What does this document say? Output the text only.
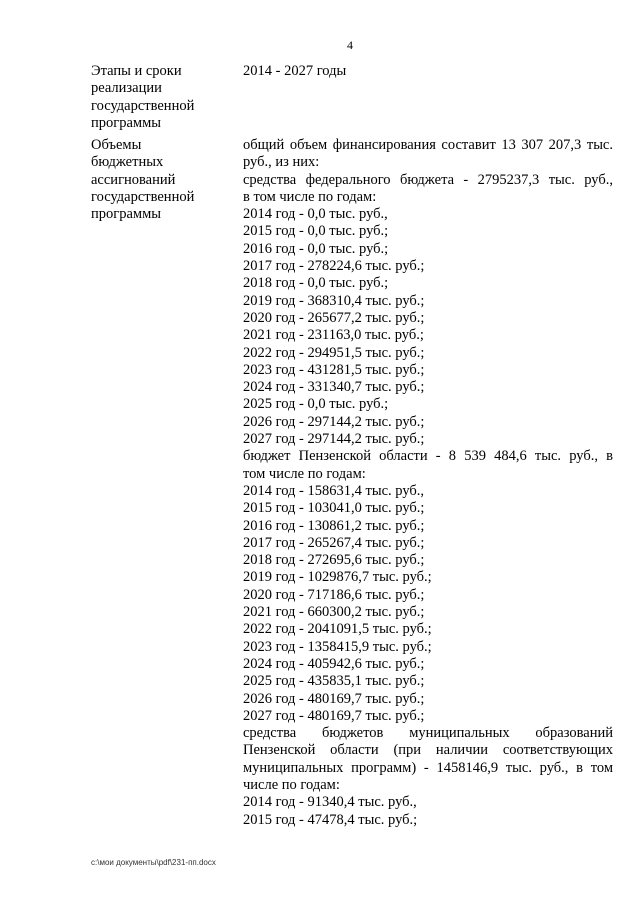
4
Этапы и сроки
реализации
государственной
программы
2014 - 2027 годы
Объемы
бюджетных
ассигнований
государственной
программы
общий объем финансирования составит 13 307 207,3 тыс.
руб., из них:
средства федерального бюджета - 2795237,3 тыс. руб.,
в том числе по годам:
2014 год - 0,0 тыс. руб.,
2015 год - 0,0 тыс. руб.;
2016 год - 0,0 тыс. руб.;
2017 год - 278224,6 тыс. руб.;
2018 год - 0,0 тыс. руб.;
2019 год - 368310,4 тыс. руб.;
2020 год - 265677,2 тыс. руб.;
2021 год - 231163,0 тыс. руб.;
2022 год - 294951,5 тыс. руб.;
2023 год - 431281,5 тыс. руб.;
2024 год - 331340,7 тыс. руб.;
2025 год - 0,0 тыс. руб.;
2026 год - 297144,2 тыс. руб.;
2027 год - 297144,2 тыс. руб.;
бюджет Пензенской области - 8 539 484,6 тыс. руб., в
том числе по годам:
2014 год - 158631,4 тыс. руб.,
2015 год - 103041,0 тыс. руб.;
2016 год - 130861,2 тыс. руб.;
2017 год - 265267,4 тыс. руб.;
2018 год - 272695,6 тыс. руб.;
2019 год - 1029876,7 тыс. руб.;
2020 год - 717186,6 тыс. руб.;
2021 год - 660300,2 тыс. руб.;
2022 год - 2041091,5 тыс. руб.;
2023 год - 1358415,9 тыс. руб.;
2024 год - 405942,6 тыс. руб.;
2025 год - 435835,1 тыс. руб.;
2026 год - 480169,7 тыс. руб.;
2027 год - 480169,7 тыс. руб.;
средства бюджетов муниципальных образований
Пензенской области (при наличии соответствующих
муниципальных программ) - 1458146,9 тыс. руб., в том
числе по годам:
2014 год - 91340,4 тыс. руб.,
2015 год - 47478,4 тыс. руб.;
c:\мои документы\pdf\231-пп.docx
